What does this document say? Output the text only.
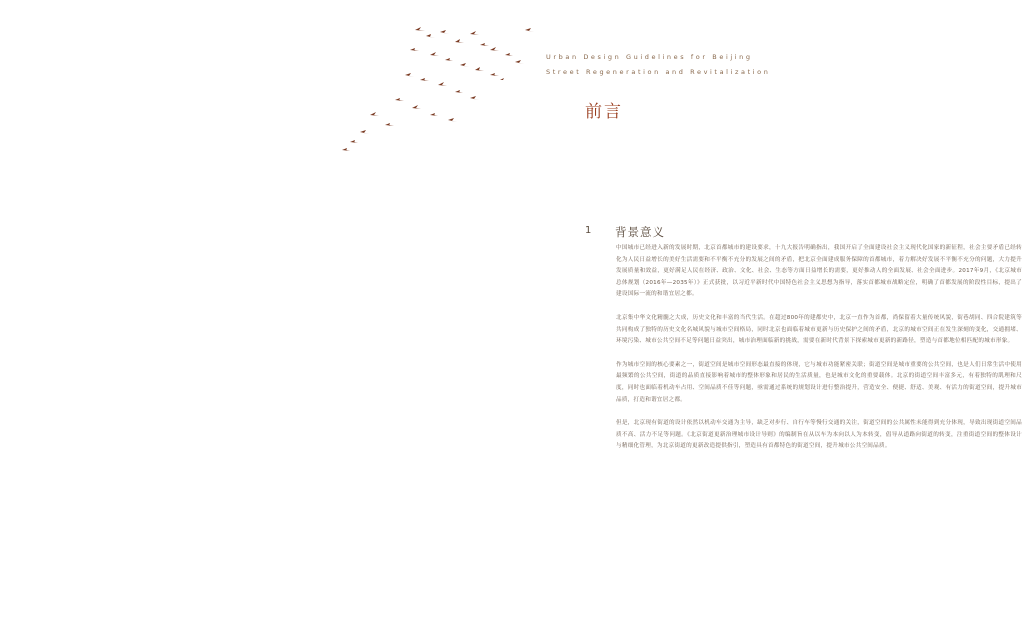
Urban Design Guidelines for Beijing
Street Regeneration and Revitalization
前言
1 背景意义

中国城市已经进入新的发展时期，北京首都城市的建设要求，十九大报告明确指出，我国开启了全面建设社会主义现代化国家的新征程，社会主要矛盾已经转化为人民日益增长的美好生活需要和不平衡不充分的发展之间的矛盾，把北京全面建成服务保障的首都城市，着力解决好发展不平衡不充分的问题，大力提升发展质量和效益，更好满足人民在经济、政治、文化、社会、生态等方面日益增长的需要，更好推动人的全面发展、社会全面进步。2017年9月，《北京城市总体规划（2016年—2035年）》正式获批，以习近平新时代中国特色社会主义思想为指导，落实首都城市战略定位，明确了首都发展的阶段性目标，提出了建设国际一流的和谐宜居之都。

北京集中华文化精髓之大成，历史文化和丰富的当代生活。在超过800年的建都史中，北京一直作为首都，尚保留着大量传统风貌，街巷胡同、四合院建筑等共同构成了独特的历史文化名城风貌与城市空间格局，同时北京也面临着城市更新与历史保护之间的矛盾，北京的城市空间正在发生深刻的变化，交通拥堵、环境污染、城市公共空间不足等问题日益突出，城市治理面临新的挑战，需要在新时代背景下探索城市更新的新路径，塑造与首都地位相匹配的城市形象。

作为城市空间的核心要素之一，街道空间是城市空间形态最直接的体现，它与城市功能紧密关联；街道空间是城市重要的公共空间，也是人们日常生活中使用最频繁的公共空间，街道的品质直接影响着城市的整体形象和居民的生活质量，也是城市文化的重要载体。北京的街道空间丰富多元，有着独特的肌理和尺度，同时也面临着机动车占用、空间品质不佳等问题，亟需通过系统的规划设计进行整治提升，营造安全、便捷、舒适、美观、有活力的街道空间，提升城市品质，打造和谐宜居之都。

但是，北京现有街道的设计依然以机动车交通为主导，缺乏对步行、自行车等慢行交通的关注，街道空间的公共属性未能得到充分体现，导致出现街道空间品质不高、活力不足等问题。《北京街道更新治理城市设计导则》的编制旨在从以车为本向以人为本转变，倡导从道路向街道的转变，注重街道空间的整体设计与精细化管理，为北京街道的更新改造提供指引，塑造具有首都特色的街道空间，提升城市公共空间品质。
